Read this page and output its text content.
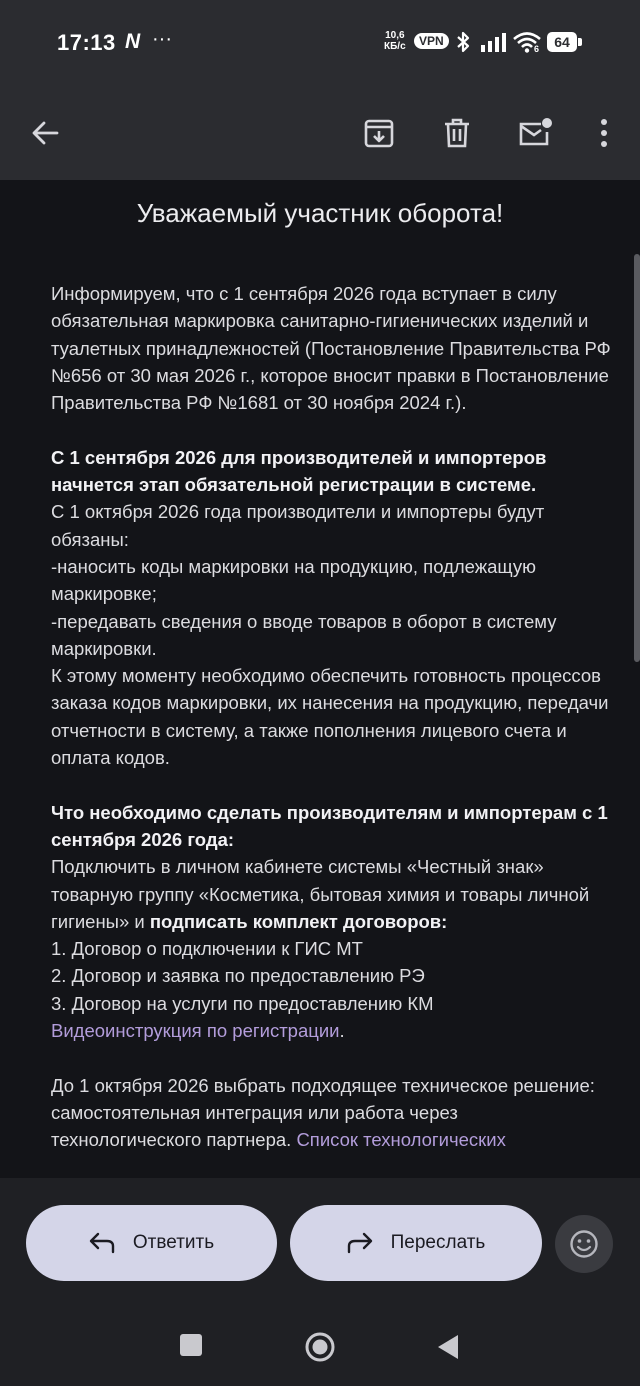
17:13 N ···	10,6
КБ/с	VPN
6	64
Уважаемый участник оборота!

Информируем, что с 1 сентября 2026 года вступает в силу обязательная маркировка санитарно-гигиенических изделий и туалетных принадлежностей (Постановление Правительства РФ №656 от 30 мая 2026 г., которое вносит правки в Постановление Правительства РФ №1681 от 30 ноября 2024 г.).

С 1 сентября 2026 для производителей и импортеров начнется этап обязательной регистрации в системе.
С 1 октября 2026 года производители и импортеры будут обязаны:
-наносить коды маркировки на продукцию, подлежащую маркировке;
-передавать сведения о вводе товаров в оборот в систему маркировки.
К этому моменту необходимо обеспечить готовность процессов заказа кодов маркировки, их нанесения на продукцию, передачи отчетности в систему, а также пополнения лицевого счета и оплата кодов.

Что необходимо сделать производителям и импортерам с 1 сентября 2026 года:
Подключить в личном кабинете системы «Честный знак» товарную группу «Косметика, бытовая химия и товары личной гигиены» и подписать комплект договоров:
1. Договор о подключении к ГИС МТ
2. Договор и заявка по предоставлению РЭ
3. Договор на услуги по предоставлению КМ
Видеоинструкция по регистрации.

До 1 октября 2026 выбрать подходящее техническое решение: самостоятельная интеграция или работа через технологического партнера. Список технологических

Ответить	Переслать
